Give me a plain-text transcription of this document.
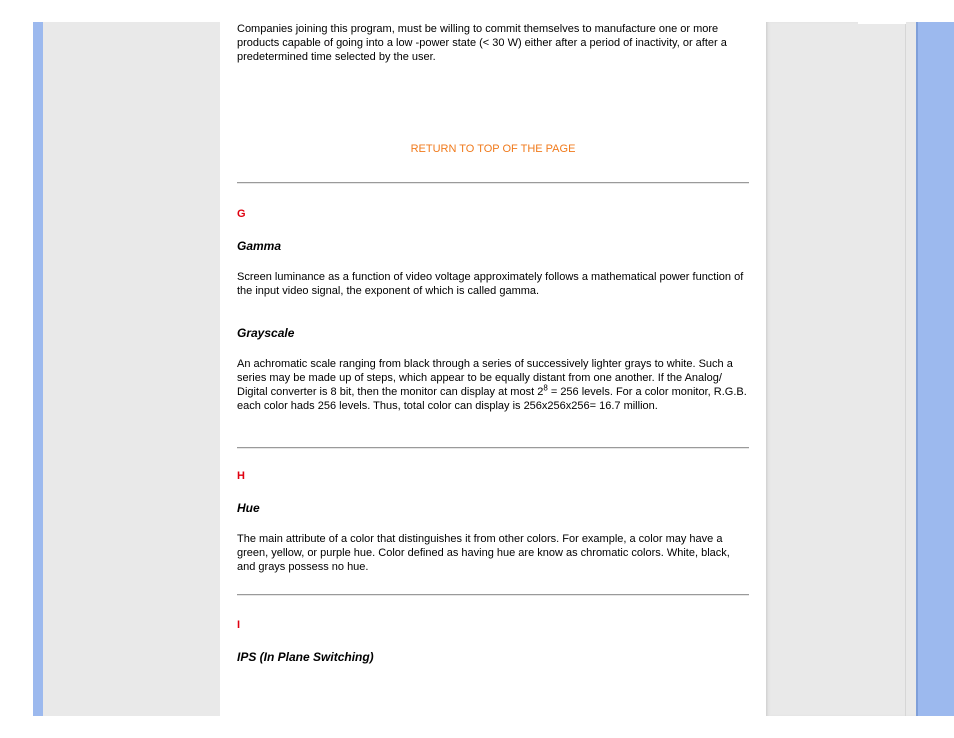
Companies joining this program, must be willing to commit themselves to manufacture one or more products capable of going into a low -power state (< 30 W) either after a period of inactivity, or after a predetermined time selected by the user.

RETURN TO TOP OF THE PAGE
G
Gamma

Screen luminance as a function of video voltage approximately follows a mathematical power function of the input video signal, the exponent of which is called gamma.

Grayscale

An achromatic scale ranging from black through a series of successively lighter grays to white. Such a series may be made up of steps, which appear to be equally distant from one another. If the Analog/ Digital converter is 8 bit, then the monitor can display at most $2^8 = 256$ levels. For a color monitor, R.G.B. each color hads 256 levels. Thus, total color can display is 256x256x256= 16.7 million.

H
Hue

The main attribute of a color that distinguishes it from other colors. For example, a color may have a green, yellow, or purple hue. Color defined as having hue are know as chromatic colors. White, black, and grays possess no hue.

I
IPS (In Plane Switching)
